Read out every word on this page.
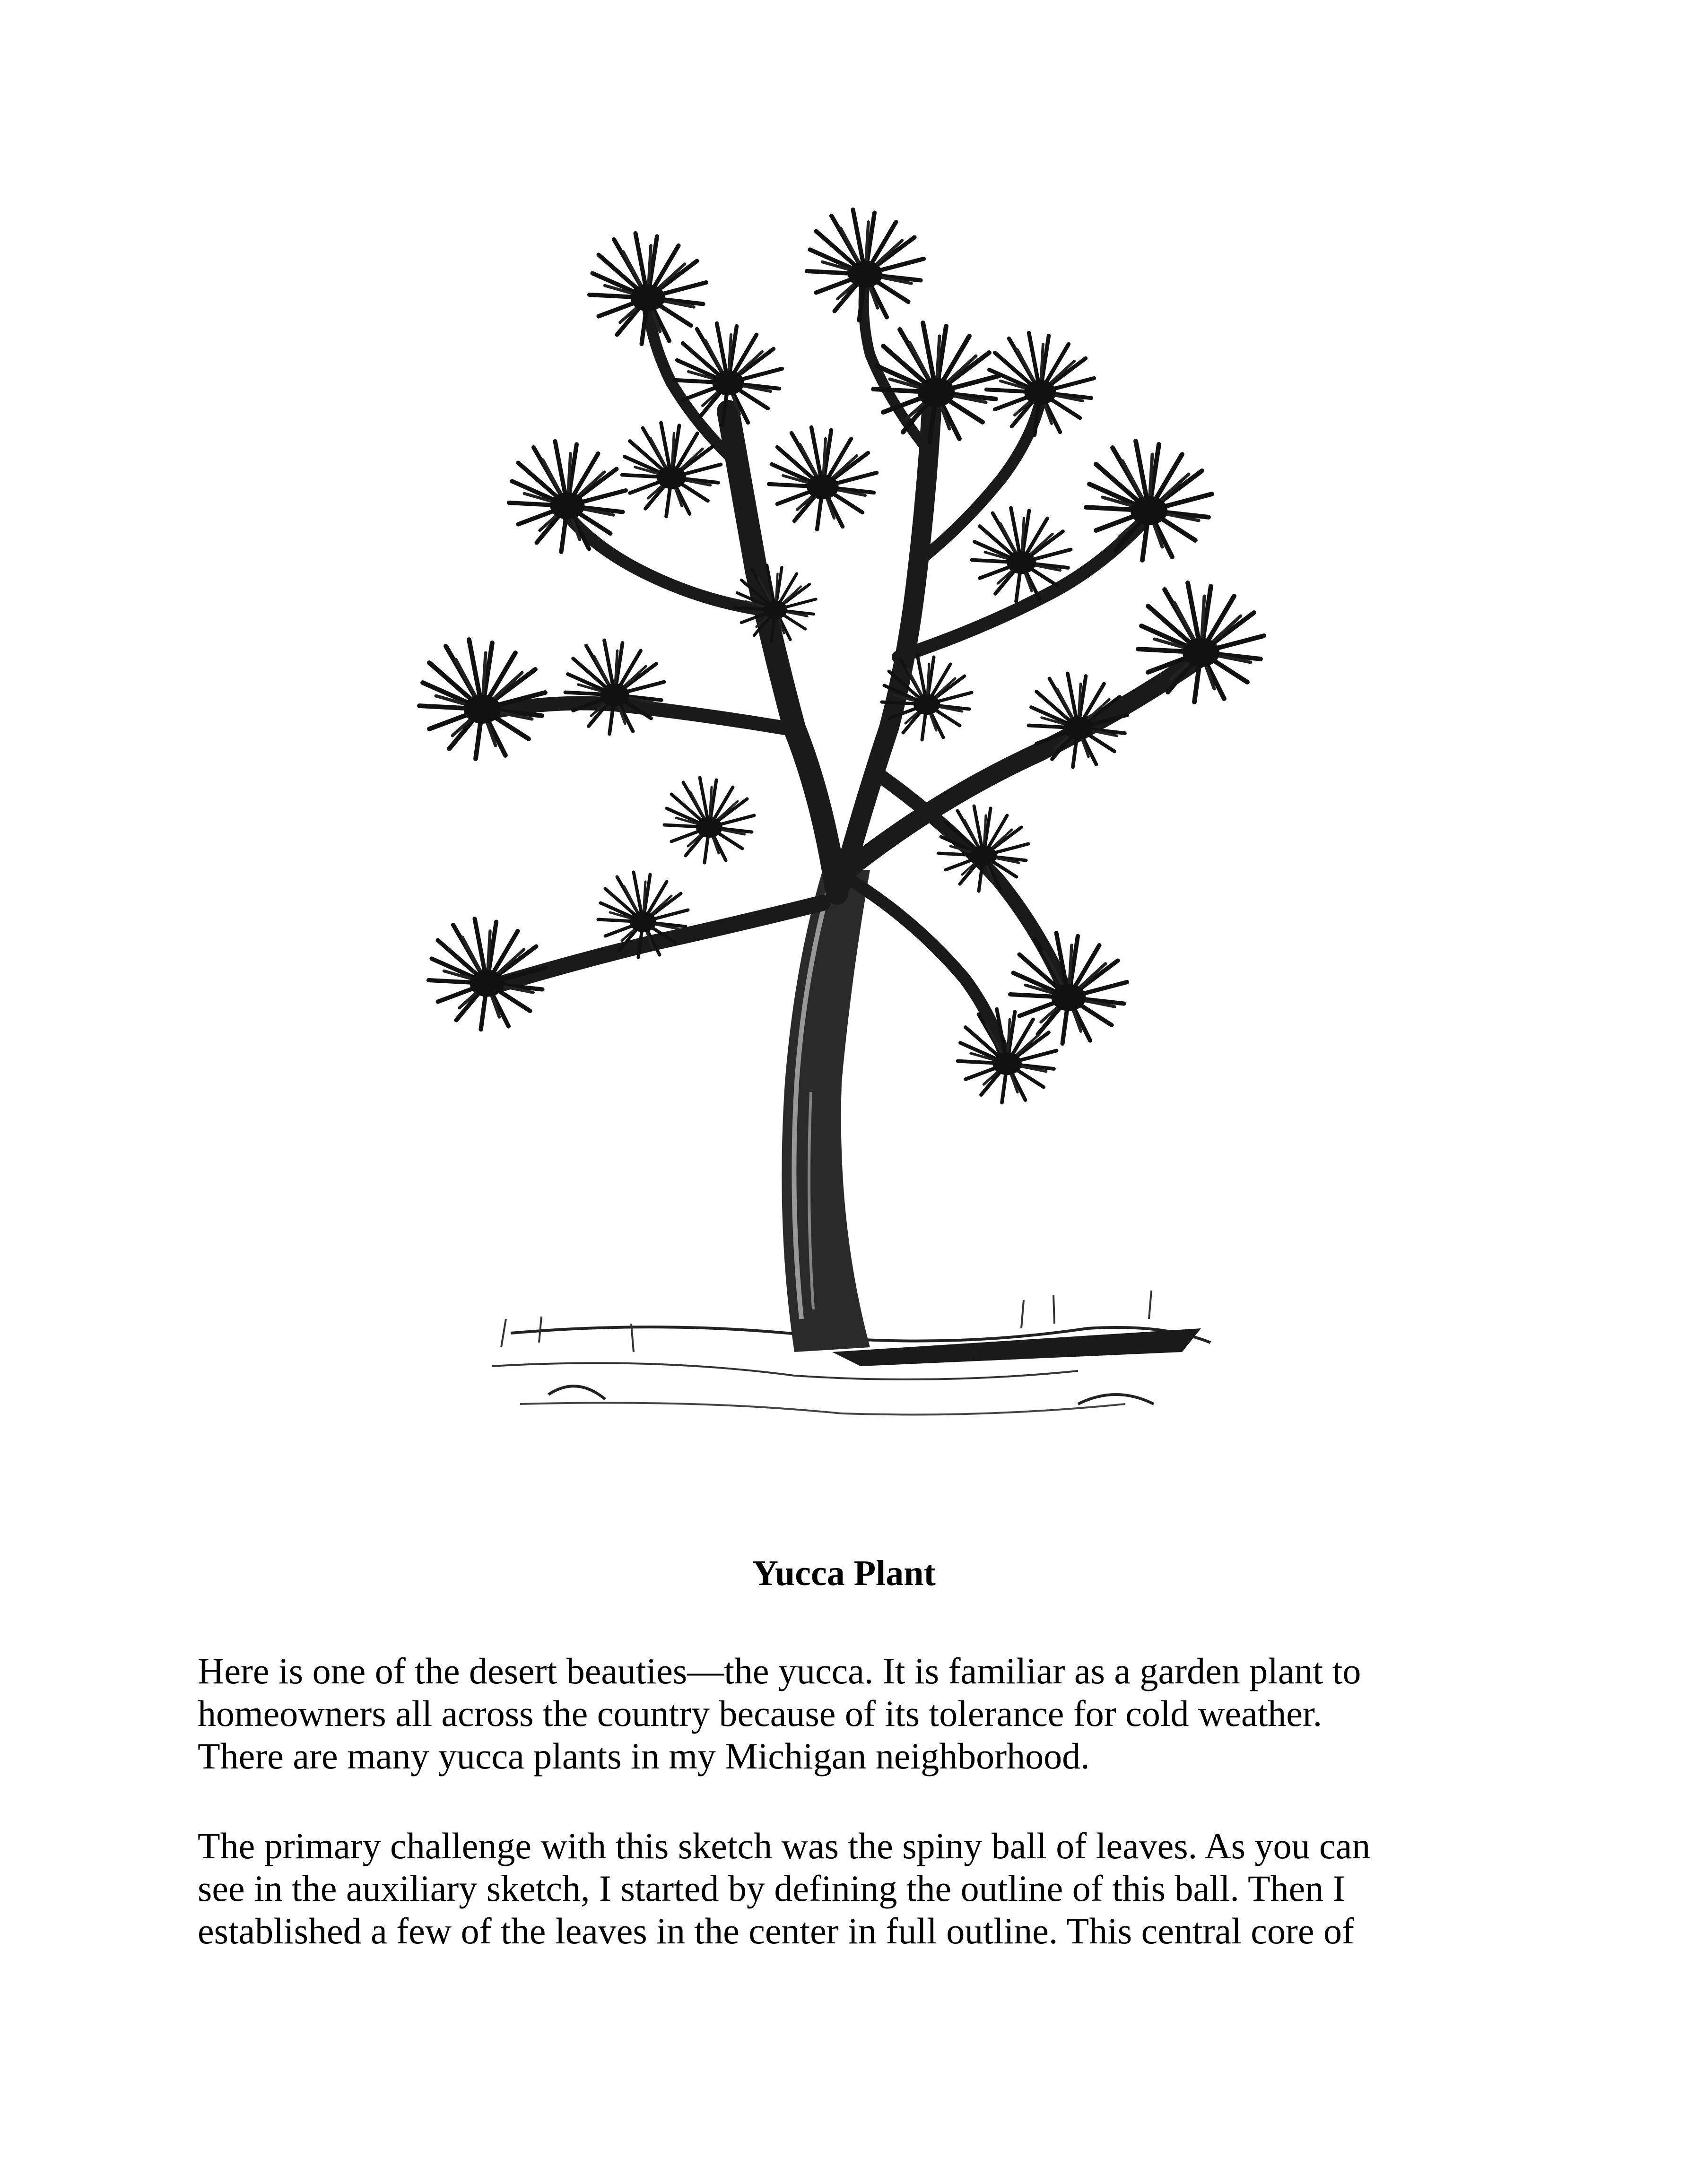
Yucca Plant
Here is one of the desert beauties—the yucca. It is familiar as a garden plant to
homeowners all across the country because of its tolerance for cold weather.
There are many yucca plants in my Michigan neighborhood.
The primary challenge with this sketch was the spiny ball of leaves. As you can
see in the auxiliary sketch, I started by defining the outline of this ball. Then I
established a few of the leaves in the center in full outline. This central core of
